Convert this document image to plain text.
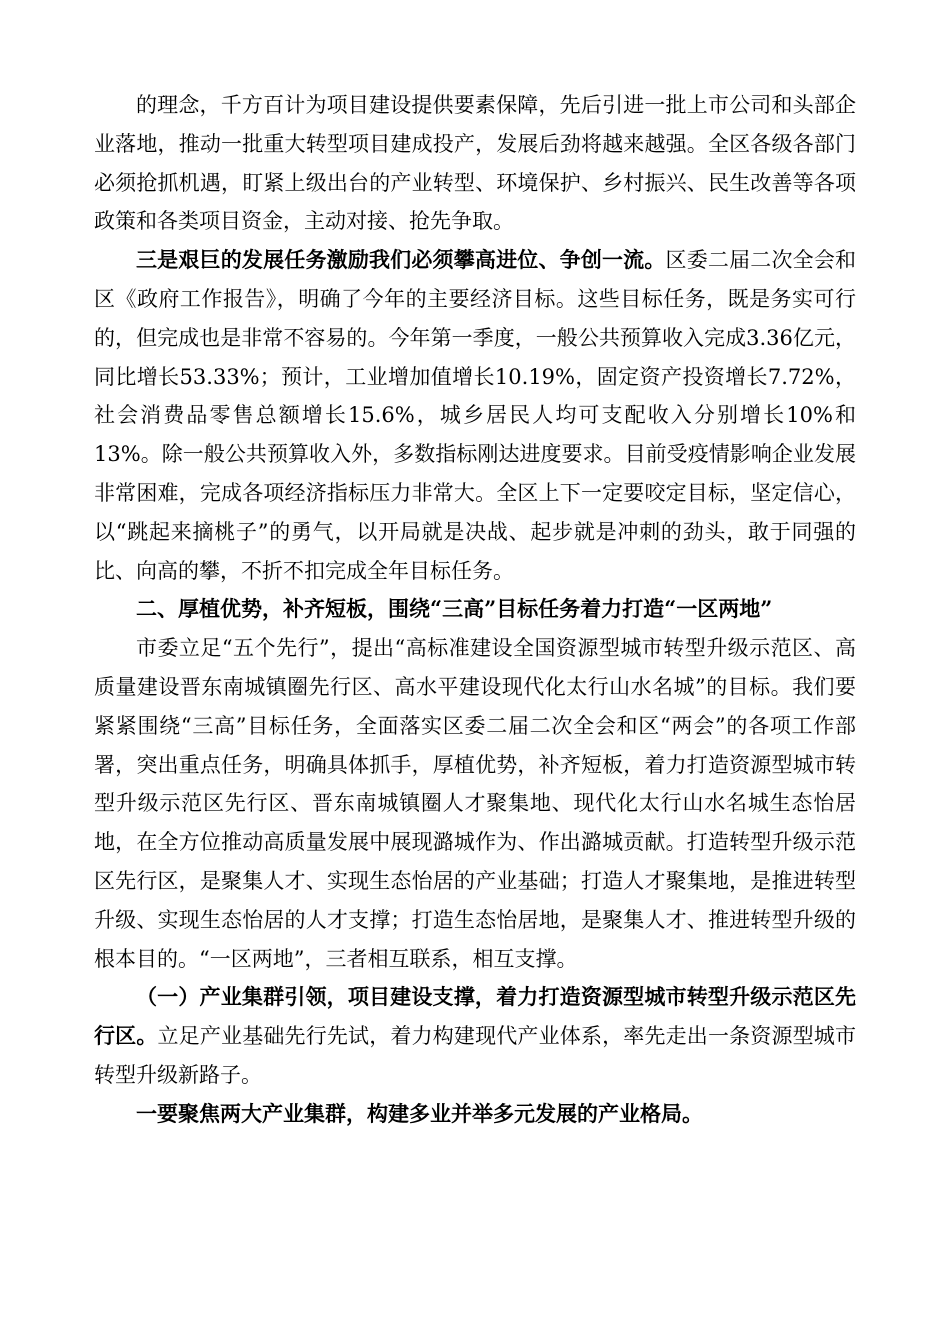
的理念，千方百计为项目建设提供要素保障，先后引进一批上市公司和头部企业落地，推动一批重大转型项目建成投产，发展后劲将越来越强。全区各级各部门必须抢抓机遇，盯紧上级出台的产业转型、环境保护、乡村振兴、民生改善等各项政策和各类项目资金，主动对接、抢先争取。

三是艰巨的发展任务激励我们必须攀高进位、争创一流。区委二届二次全会和区《政府工作报告》，明确了今年的主要经济目标。这些目标任务，既是务实可行的，但完成也是非常不容易的。今年第一季度，一般公共预算收入完成3.36亿元，同比增长53.33%；预计，工业增加值增长10.19%，固定资产投资增长7.72%，社会消费品零售总额增长15.6%，城乡居民人均可支配收入分别增长10%和13%。除一般公共预算收入外，多数指标刚达进度要求。目前受疫情影响企业发展非常困难，完成各项经济指标压力非常大。全区上下一定要咬定目标，坚定信心，以“跳起来摘桃子”的勇气，以开局就是决战、起步就是冲刺的劲头，敢于同强的比、向高的攀，不折不扣完成全年目标任务。

二、厚植优势，补齐短板，围绕“三高”目标任务着力打造“一区两地”

市委立足“五个先行”，提出“高标准建设全国资源型城市转型升级示范区、高质量建设晋东南城镇圈先行区、高水平建设现代化太行山水名城”的目标。我们要紧紧围绕“三高”目标任务，全面落实区委二届二次全会和区“两会”的各项工作部署，突出重点任务，明确具体抓手，厚植优势，补齐短板，着力打造资源型城市转型升级示范区先行区、晋东南城镇圈人才聚集地、现代化太行山水名城生态怡居地，在全方位推动高质量发展中展现潞城作为、作出潞城贡献。打造转型升级示范区先行区，是聚集人才、实现生态怡居的产业基础；打造人才聚集地，是推进转型升级、实现生态怡居的人才支撑；打造生态怡居地，是聚集人才、推进转型升级的根本目的。“一区两地”，三者相互联系，相互支撑。

（一）产业集群引领，项目建设支撑，着力打造资源型城市转型升级示范区先行区。立足产业基础先行先试，着力构建现代产业体系，率先走出一条资源型城市转型升级新路子。

一要聚焦两大产业集群，构建多业并举多元发展的产业格局。
